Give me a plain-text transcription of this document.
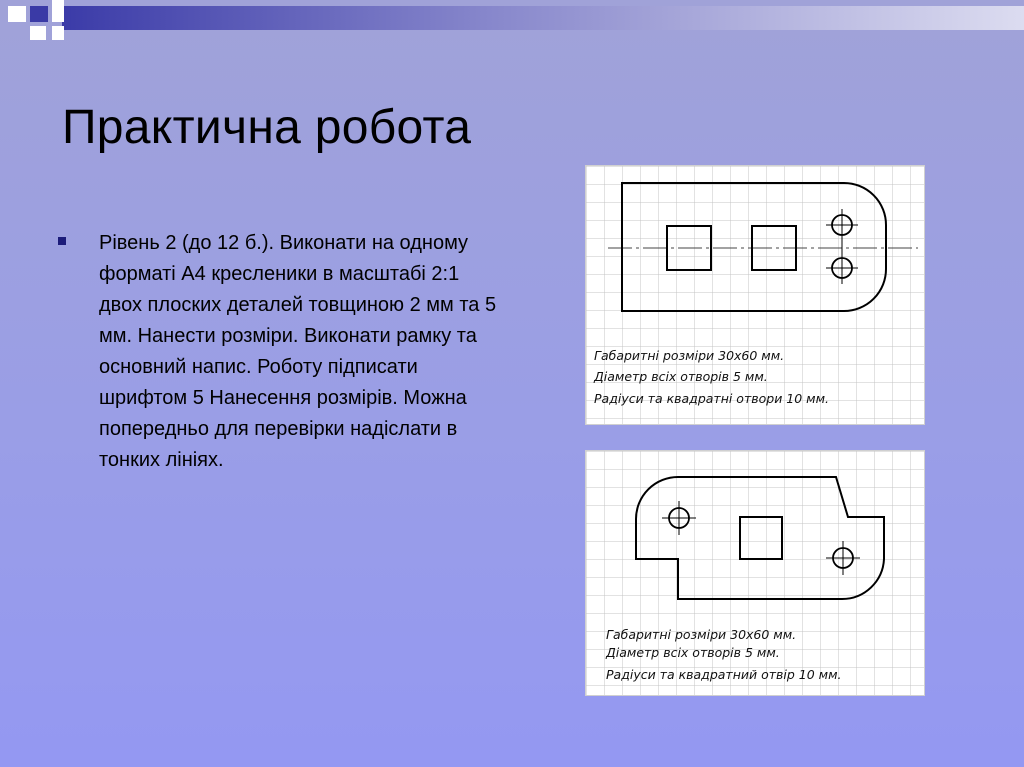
Практична робота
Рівень 2 (до 12 б.). Виконати на одному форматі А4 кресленики в масштабі 2:1 двох плоских деталей товщиною 2 мм та 5 мм. Нанести розміри. Виконати рамку та основний напис. Роботу підписати шрифтом 5 Нанесення розмірів. Можна попередньо для перевірки надіслати в тонких лініях.
Габаритні розміри 30х60 мм.
Діаметр всіх отворів 5 мм.
Радіуси та квадратні отвори 10 мм.
Габаритні розміри 30х60 мм.
Діаметр всіх отворів 5 мм.
Радіуси та квадратний отвір 10 мм.
